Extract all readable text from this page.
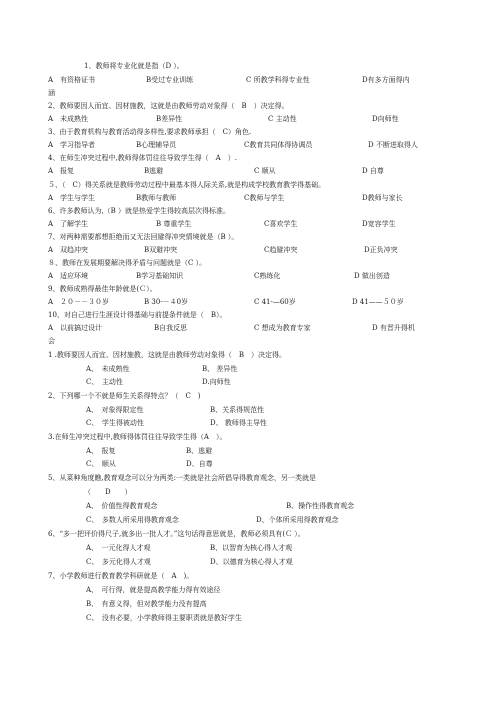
1、教师将专业化就是指（D ）。
A　有资格证书	B受过专业训练	C 所教学科得专业性	D有多方面得内
涵
2、教师要因人而宜、因材施教，这就是由教师劳动对象得（　B　）决定得。
A　未成熟性	B差异性	C 主动性	D向师性
3、由于教育机构与教育活动得多样性,要求教师承担（　C）角色.
A　学习指导者	B心理辅导员	C教育共同体得协调员	D 不断进取得人
4、在师生冲突过程中,教师得体罚往往导致学生得（　A　）.
A　报复	B逃避	C 顺从	D 自尊
５、（　C）得关系就是教师劳动过程中最基本得人际关系,就是构成学校教育教学得基础。
A　学生与学生	B教师与教师	C教师与学生	D教师与家长
6、许多教师认为,（B ）就是热爱学生得较高层次得标准。
A　了解学生	B 尊重学生	C喜欢学生	D宽容学生
7、对两种需要都想拒绝而又无法回避得冲突情境就是（B ）。
A　双趋冲突	B双避冲突	C趋避冲突	D正负冲突
８、教师在发展期要解决得矛盾与问题就是（C ）。
A　适应环境	B学习基础知识	C熟练化	D 做出创造
9、教师成熟得最佳年龄就是(Ｃ）。
A　２０－－３０岁	B 30-－４0岁	C 41-—60岁	D 41——５０岁
10、对自己进行生涯设计得基础与前提条件就是（　B）。
A　以前搞过设计	B自我反思	C 想成为教育专家	D 有晋升得机
会
1 .教师要因人而宜、因材施教，这就是由教师劳动对象得（　B　）决定得。
A、　未成熟性	B、 差异性
C、　主动性	D.向师性
2、下列哪一个不就是师生关系得特点？（　C　)
A、　对象得限定性	B、关系得规范性
C、　学生得被动性	D、 教师得主导性
3.在师生冲突过程中,教师得体罚往往导致学生得（A　）。
A、　报复	B、逃避
C、　顺从	D、自尊
5、从菜种角度瞧,教育观念可以分为两类:一类就是社会所倡导得教育观念，另一类就是
（　　D　　）
A、　价值性得教育观念	B、操作性得教育观念
C、　多数人所采用得教育观念	D、个体所采用得教育观念
6、“多一把评价得尺子,就多出一批人才。”这句话得意思就是，教师必须具有(Ｃ ）。
A、　一元化得人才观	B、以智育为核心得人才观
C、　多元化得人才观	D、以德育为核心得人才观
7、小学教师进行教育教学科研就是（　A　)。
A、　可行得，就是提高教学能力得有效途径
B、　有意义得，但对教学能力没有提高
C、　没有必要，小学教师得主要职责就是教好学生
